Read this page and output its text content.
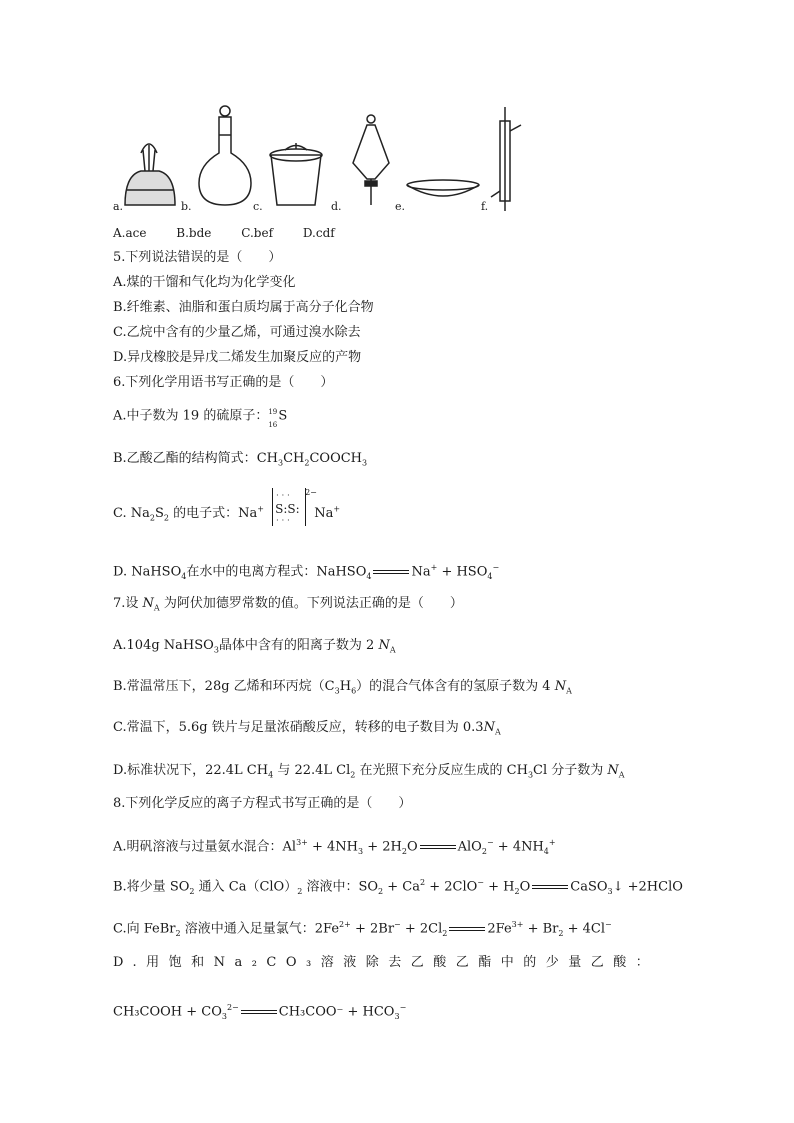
a.	b.	c.	d.	e.	f.
A.ace B.bde C.bef D.cdf
5.下列说法错误的是（　　）
A.煤的干馏和气化均为化学变化
B.纤维素、油脂和蛋白质均属于高分子化合物
C.乙烷中含有的少量乙烯，可通过溴水除去
D.异戊橡胶是异戊二烯发生加聚反应的产物
6.下列化学用语书写正确的是（　　）
A.中子数为 19 的硫原子： 19
16
S
B.乙酸乙酯的结构简式：$CH_3CH_2COOCH_3$
C. $Na_2S_2$ 的电子式：Na+
···
S:S:
···
2−
Na+
D. NaHSO$_4$在水中的电离方程式：NaHSO$_4$	$Na^+ + HSO_4^-$
7.设 $N_A$ 为阿伏加德罗常数的值。下列说法正确的是（　　）
A.104g NaHSO$_3$晶体中含有的阳离子数为 2 $N_A$
B.常温常压下，28g 乙烯和环丙烷$(C_3H_6)$的混合气体含有的氢原子数为 4 $N_A$
C.常温下，5.6g 铁片与足量浓硝酸反应，转移的电子数目为 $0.3N_A$
D.标准状况下，22.4L $CH_4$ 与 22.4L $Cl_2$ 在光照下充分反应生成的 $CH_3Cl$ 分子数为 $N_A$
8.下列化学反应的离子方程式书写正确的是（　　）
A.明矾溶液与过量氨水混合：$Al^{3+} + 4NH_3 + 2H_2O$	$AlO_2^- + 4NH_4^+$
B.将少量 $SO_2$ 通入 $Ca(ClO)_2$ 溶液中：$SO_2 + Ca^2 + 2ClO^- + H_2O$	CaSO$_3$↓ +2HClO
C.向 FeBr$_2$ 溶液中通入足量氯气：$2Fe^{2+} + 2Br^- + 2Cl_2$	$2Fe^{3+} + Br_2 + 4Cl^-$
D.用饱和Na₂CO₃溶液除去乙酸乙酯中的少量乙酸：
CH₃COOH + $CO_3^{2-}$	$CH_3COO^- + HCO_3^-$
